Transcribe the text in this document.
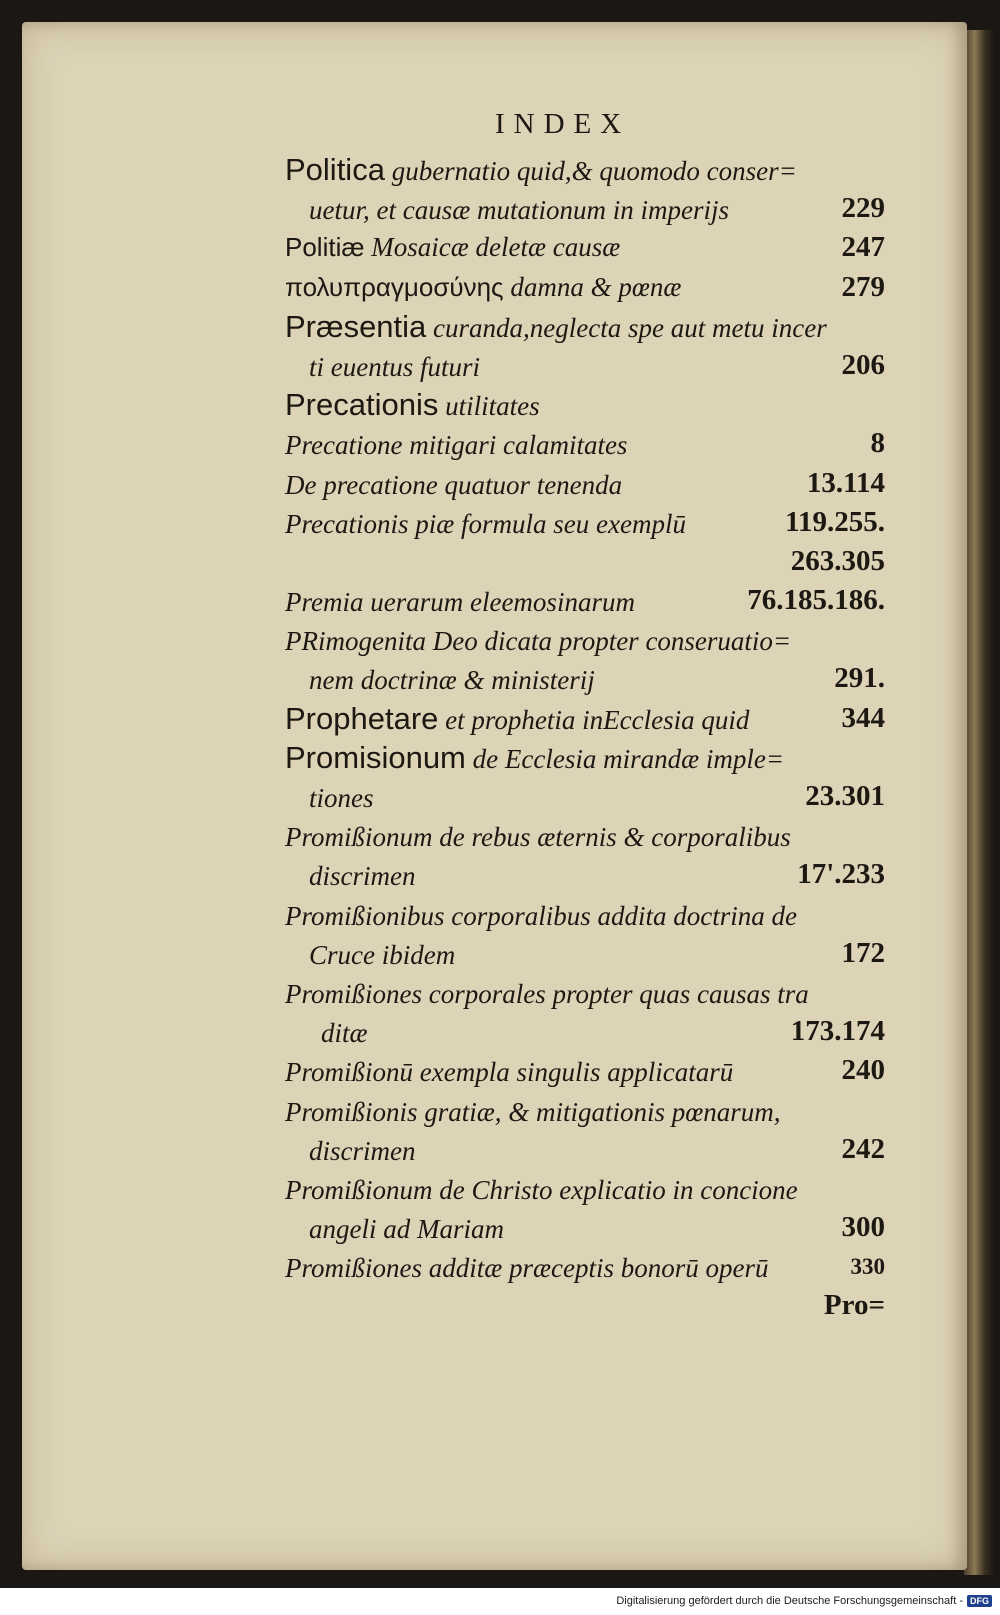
INDEX
Politica gubernatio quid,& quomodo conser=
uetur, et causæ mutationum in imperijs	229
Politiæ Mosaicæ deletæ causæ	247
πολυπραγμοσύνης damna & pœnæ	279
Præsentia curanda,neglecta spe aut metu incer
ti euentus futuri	206
Precationis utilitates
Precatione mitigari calamitates	8
De precatione quatuor tenenda	13.114
Precationis piæ formula seu exemplū	119.255.
263.305
Premia uerarum eleemosinarum	76.185.186.
PRimogenita Deo dicata propter conseruatio=
nem doctrinæ & ministerij	291.
Prophetare et prophetia inEcclesia quid	344
Promisionum de Ecclesia mirandæ imple=
tiones	23.301
Promißionum de rebus æternis & corporalibus
discrimen	17'.233
Promißionibus corporalibus addita doctrina de
Cruce ibidem	172
Promißiones corporales propter quas causas tra
ditæ	173.174
Promißionū exempla singulis applicatarū	240
Promißionis gratiæ, & mitigationis pœnarum,
discrimen	242
Promißionum de Christo explicatio in concione
angeli ad Mariam	300
Promißiones additæ præceptis bonorū operū	330
Pro=
Digitalisierung gefördert durch die Deutsche Forschungsgemeinschaft - DFG
